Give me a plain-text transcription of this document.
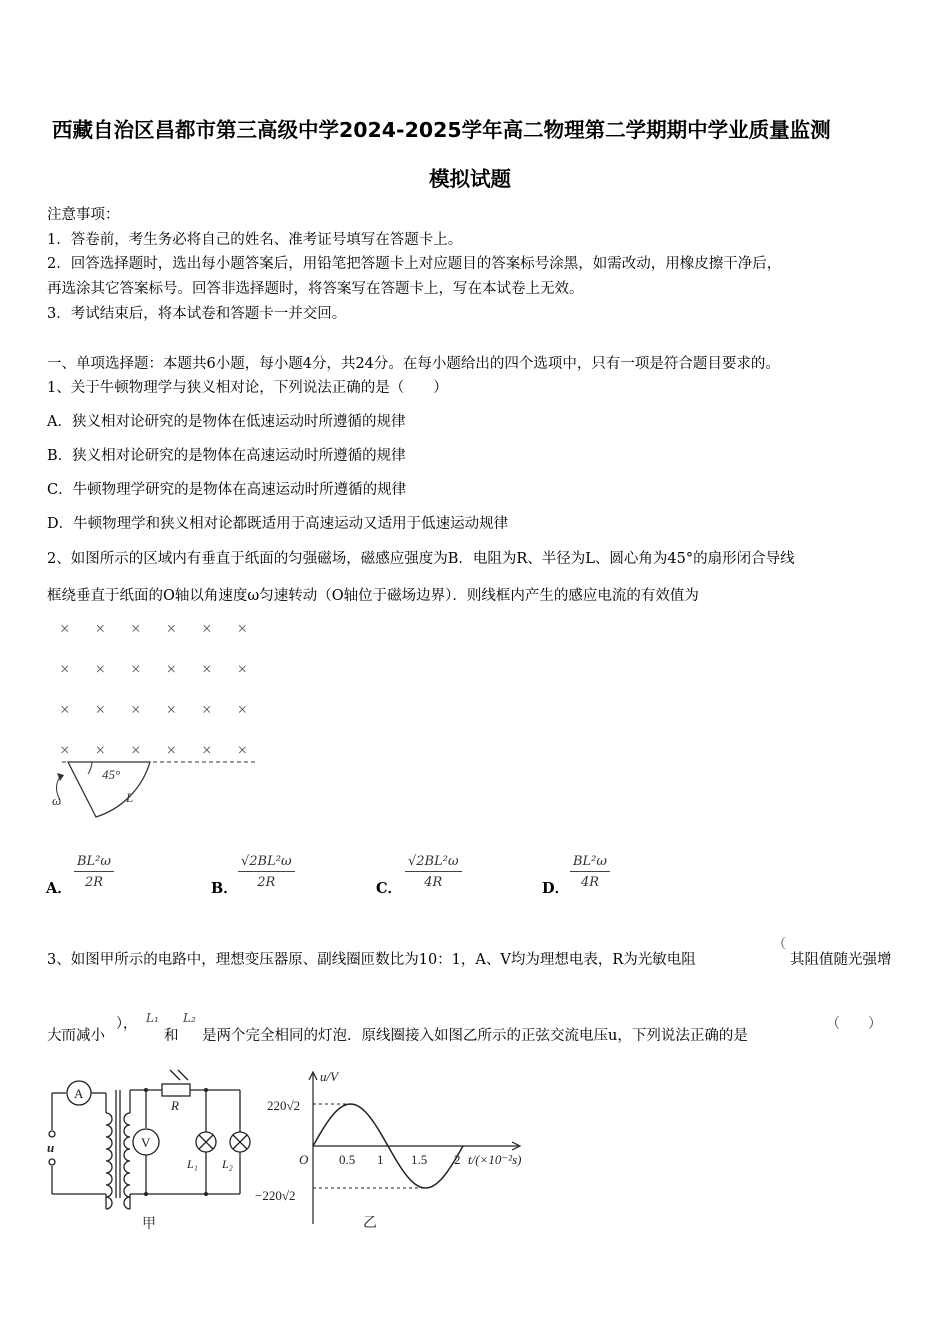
西藏自治区昌都市第三高级中学2024-2025学年高二物理第二学期期中学业质量监测
模拟试题
注意事项：
1．答卷前，考生务必将自己的姓名、准考证号填写在答题卡上。
2．回答选择题时，选出每小题答案后，用铅笔把答题卡上对应题目的答案标号涂黑，如需改动，用橡皮擦干净后，
再选涂其它答案标号。回答非选择题时，将答案写在答题卡上，写在本试卷上无效。
3．考试结束后，将本试卷和答题卡一并交回。
一、单项选择题：本题共6小题，每小题4分，共24分。在每小题给出的四个选项中，只有一项是符合题目要求的。
1、关于牛顿物理学与狭义相对论，下列说法正确的是（　　）
A．狭义相对论研究的是物体在低速运动时所遵循的规律
B．狭义相对论研究的是物体在高速运动时所遵循的规律
C．牛顿物理学研究的是物体在高速运动时所遵循的规律
D．牛顿物理学和狭义相对论都既适用于高速运动又适用于低速运动规律
2、如图所示的区域内有垂直于纸面的匀强磁场，磁感应强度为B．电阻为R、半径为L、圆心角为45°的扇形闭合导线
框绕垂直于纸面的O轴以角速度ω匀速转动（O轴位于磁场边界）．则线框内产生的感应电流的有效值为
× × × × × ×
× × × × × ×
× × × × × ×
× × × × × ×
45°
L
ω
A． $\frac{\text{BL²ω}}{2R}$	B． $\frac{\text{√2BL²ω}}{2R}$	C． $\frac{\text{√2BL²ω}}{4R}$	D． $\frac{\text{BL²ω}}{4R}$
3、如图甲所示的电路中，理想变压器原、副线圈匝数比为10：1，A、V均为理想电表，R为光敏电阻
（
其阻值随光强增
大而减小
）， L₁
和
L₂
是两个完全相同的灯泡．原线圈接入如图乙所示的正弦交流电压u，下列说法正确的是
（　　）
A
V
R
u
L₁ L₂
甲
u/V
220√2
−220√2
O 0.5 1 1.5 2 t/(×10⁻²s)
乙
